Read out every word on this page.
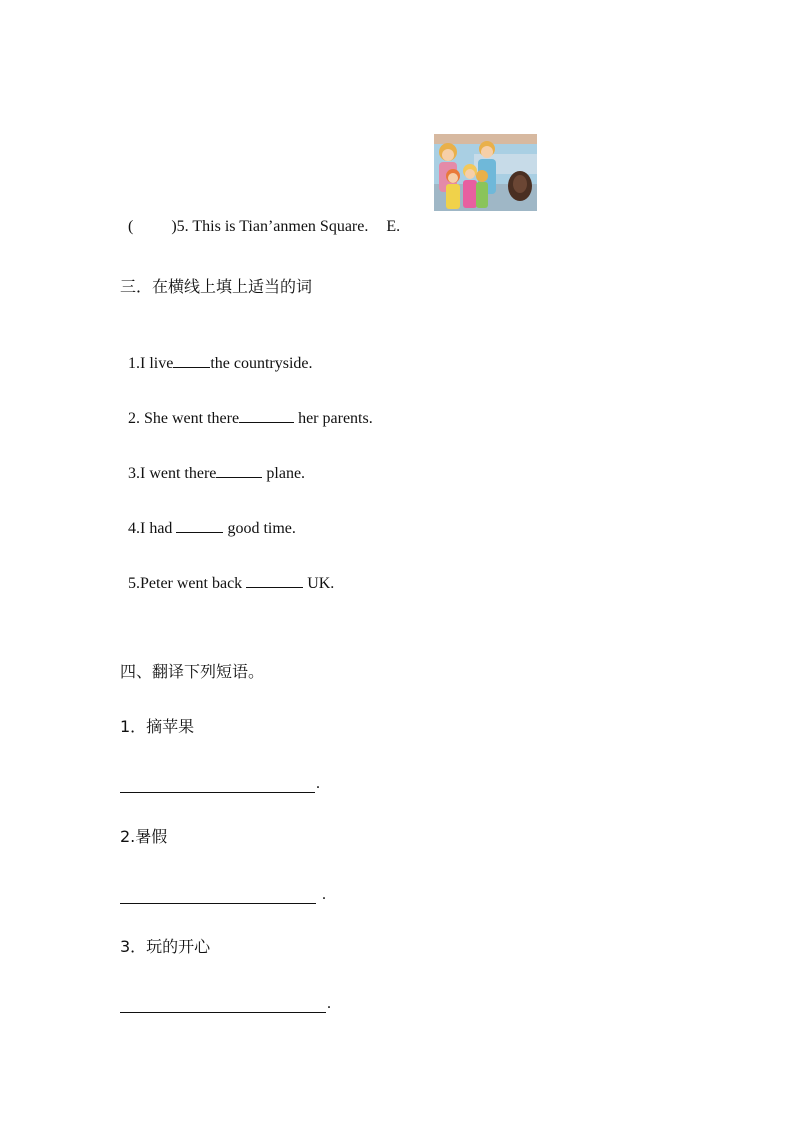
( )5. This is Tian’anmen Square. E.

三．在横线上填上适当的词

1.I live the countryside.

2. She went there	her parents.

3.I went there	plane.

4.I had	good time.

5.Peter went back	UK.

四、翻译下列短语。
1．摘苹果
.
2.暑假
.
3．玩的开心
.
